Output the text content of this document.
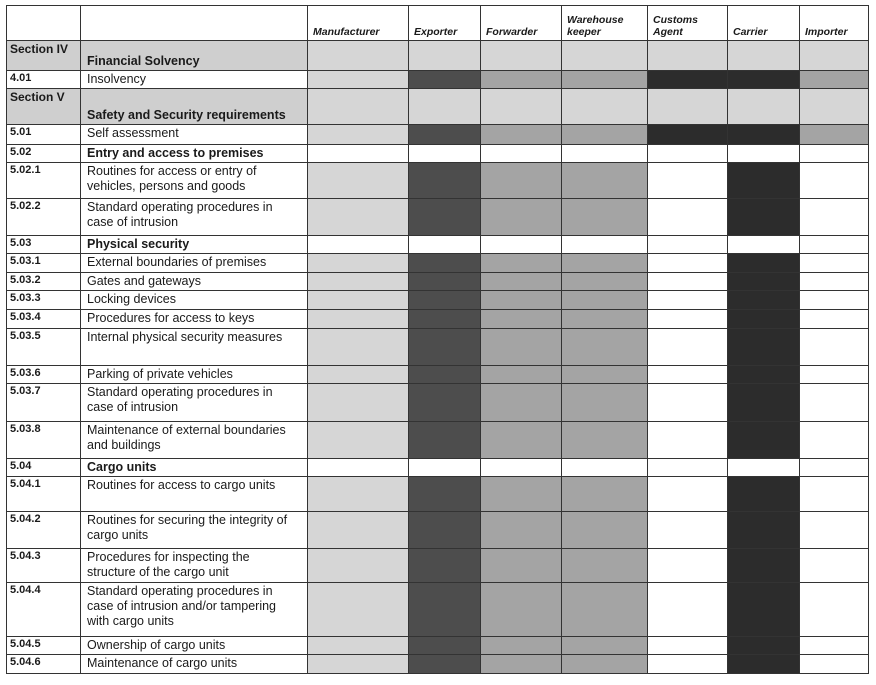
		Manufacturer	Exporter	Forwarder	Warehouse keeper	Customs Agent	Carrier	Importer
Section IV	Financial Solvency							
4.01	Insolvency							
Section V	Safety and Security requirements							
5.01	Self assessment							
5.02	Entry and access to premises							
5.02.1	Routines for access or entry of vehicles, persons and goods							
5.02.2	Standard operating procedures in case of intrusion							
5.03	Physical security							
5.03.1	External boundaries of premises							
5.03.2	Gates and gateways							
5.03.3	Locking devices							
5.03.4	Procedures for access to keys							
5.03.5	Internal physical security measures							
5.03.6	Parking of private vehicles							
5.03.7	Standard operating procedures in case of intrusion							
5.03.8	Maintenance of external boundaries and buildings							
5.04	Cargo units							
5.04.1	Routines for access to cargo units							
5.04.2	Routines for securing the integrity of cargo units							
5.04.3	Procedures for inspecting the structure of the cargo unit							
5.04.4	Standard operating procedures in case of intrusion and/or tampering with cargo units							
5.04.5	Ownership of cargo units							
5.04.6	Maintenance of cargo units							
